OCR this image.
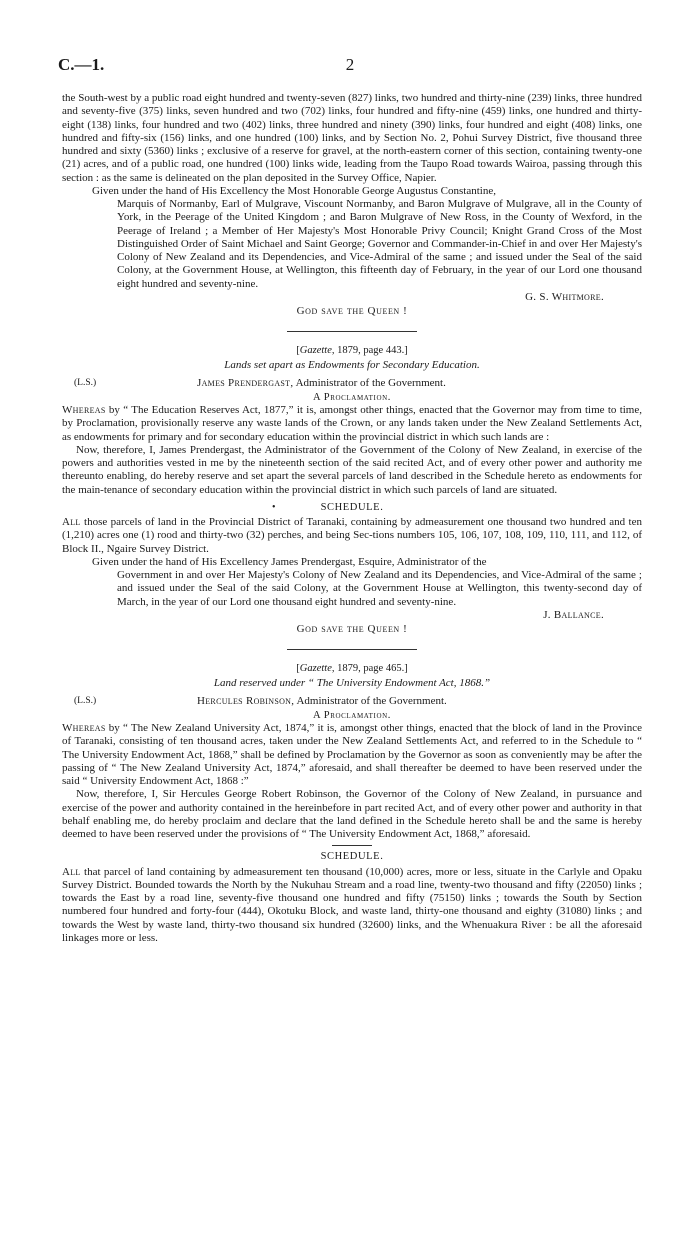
C.—1.	2

the South-west by a public road eight hundred and twenty-seven (827) links, two hundred and thirty-nine (239) links, three hundred and seventy-five (375) links, seven hundred and two (702) links, four hundred and fifty-nine (459) links, one hundred and thirty-eight (138) links, four hundred and two (402) links, three hundred and ninety (390) links, four hundred and eight (408) links, one hundred and fifty-six (156) links, and one hundred (100) links, and by Section No. 2, Pohui Survey District, five thousand three hundred and sixty (5360) links ; exclusive of a reserve for gravel, at the north-eastern corner of this section, containing twenty-one (21) acres, and of a public road, one hundred (100) links wide, leading from the Taupo Road towards Wairoa, passing through this section : as the same is delineated on the plan deposited in the Survey Office, Napier.

Given under the hand of His Excellency the Most Honorable George Augustus Constantine,

Marquis of Normanby, Earl of Mulgrave, Viscount Normanby, and Baron Mulgrave of Mulgrave, all in the County of York, in the Peerage of the United Kingdom ; and Baron Mulgrave of New Ross, in the County of Wexford, in the Peerage of Ireland ; a Member of Her Majesty's Most Honorable Privy Council; Knight Grand Cross of the Most Distinguished Order of Saint Michael and Saint George; Governor and Commander-in-Chief in and over Her Majesty's Colony of New Zealand and its Dependencies, and Vice-Admiral of the same ; and issued under the Seal of the said Colony, at the Government House, at Wellington, this fifteenth day of February, in the year of our Lord one thousand eight hundred and seventy-nine.

G. S. Whitmore.

God save the Queen !

[Gazette, 1879, page 443.]

Lands set apart as Endowments for Secondary Education.

(L.S.)	James Prendergast, Administrator of the Government.

A Proclamation.

Whereas by “ The Education Reserves Act, 1877,” it is, amongst other things, enacted that the Governor may from time to time, by Proclamation, provisionally reserve any waste lands of the Crown, or any lands taken under the New Zealand Settlements Act, as endowments for primary and for secondary education within the provincial district in which such lands are :

Now, therefore, I, James Prendergast, the Administrator of the Government of the Colony of New Zealand, in exercise of the powers and authorities vested in me by the nineteenth section of the said recited Act, and of every other power and authority me thereunto enabling, do hereby reserve and set apart the several parcels of land described in the Schedule hereto as endowments for the main-tenance of secondary education within the provincial district in which such parcels of land are situated.

•	SCHEDULE.

All those parcels of land in the Provincial District of Taranaki, containing by admeasurement one thousand two hundred and ten (1,210) acres one (1) rood and thirty-two (32) perches, and being Sec-tions numbers 105, 106, 107, 108, 109, 110, 111, and 112, of Block II., Ngaire Survey District.

Given under the hand of His Excellency James Prendergast, Esquire, Administrator of the

Government in and over Her Majesty's Colony of New Zealand and its Dependencies, and Vice-Admiral of the same ; and issued under the Seal of the said Colony, at the Government House at Wellington, this twenty-second day of March, in the year of our Lord one thousand eight hundred and seventy-nine.

J. Ballance.

God save the Queen !

[Gazette, 1879, page 465.]

Land reserved under “ The University Endowment Act, 1868.”

(L.S.)	Hercules Robinson, Administrator of the Government.

A Proclamation.

Whereas by “ The New Zealand University Act, 1874,” it is, amongst other things, enacted that the block of land in the Province of Taranaki, consisting of ten thousand acres, taken under the New Zealand Settlements Act, and referred to in the Schedule to “ The University Endowment Act, 1868,” shall be defined by Proclamation by the Governor as soon as conveniently may be after the passing of “ The New Zealand University Act, 1874,” aforesaid, and shall thereafter be deemed to have been reserved under the said “ University Endowment Act, 1868 :”

Now, therefore, I, Sir Hercules George Robert Robinson, the Governor of the Colony of New Zealand, in pursuance and exercise of the power and authority contained in the hereinbefore in part recited Act, and of every other power and authority in that behalf enabling me, do hereby proclaim and declare that the land defined in the Schedule hereto shall be and the same is hereby deemed to have been reserved under the provisions of “ The University Endowment Act, 1868,” aforesaid.

SCHEDULE.

All that parcel of land containing by admeasurement ten thousand (10,000) acres, more or less, situate in the Carlyle and Opaku Survey District. Bounded towards the North by the Nukuhau Stream and a road line, twenty-two thousand and fifty (22050) links ; towards the East by a road line, seventy-five thousand one hundred and fifty (75150) links ; towards the South by Section numbered four hundred and forty-four (444), Okotuku Block, and waste land, thirty-one thousand and eighty (31080) links ; and towards the West by waste land, thirty-two thousand six hundred (32600) links, and the Whenuakura River : be all the aforesaid linkages more or less.
